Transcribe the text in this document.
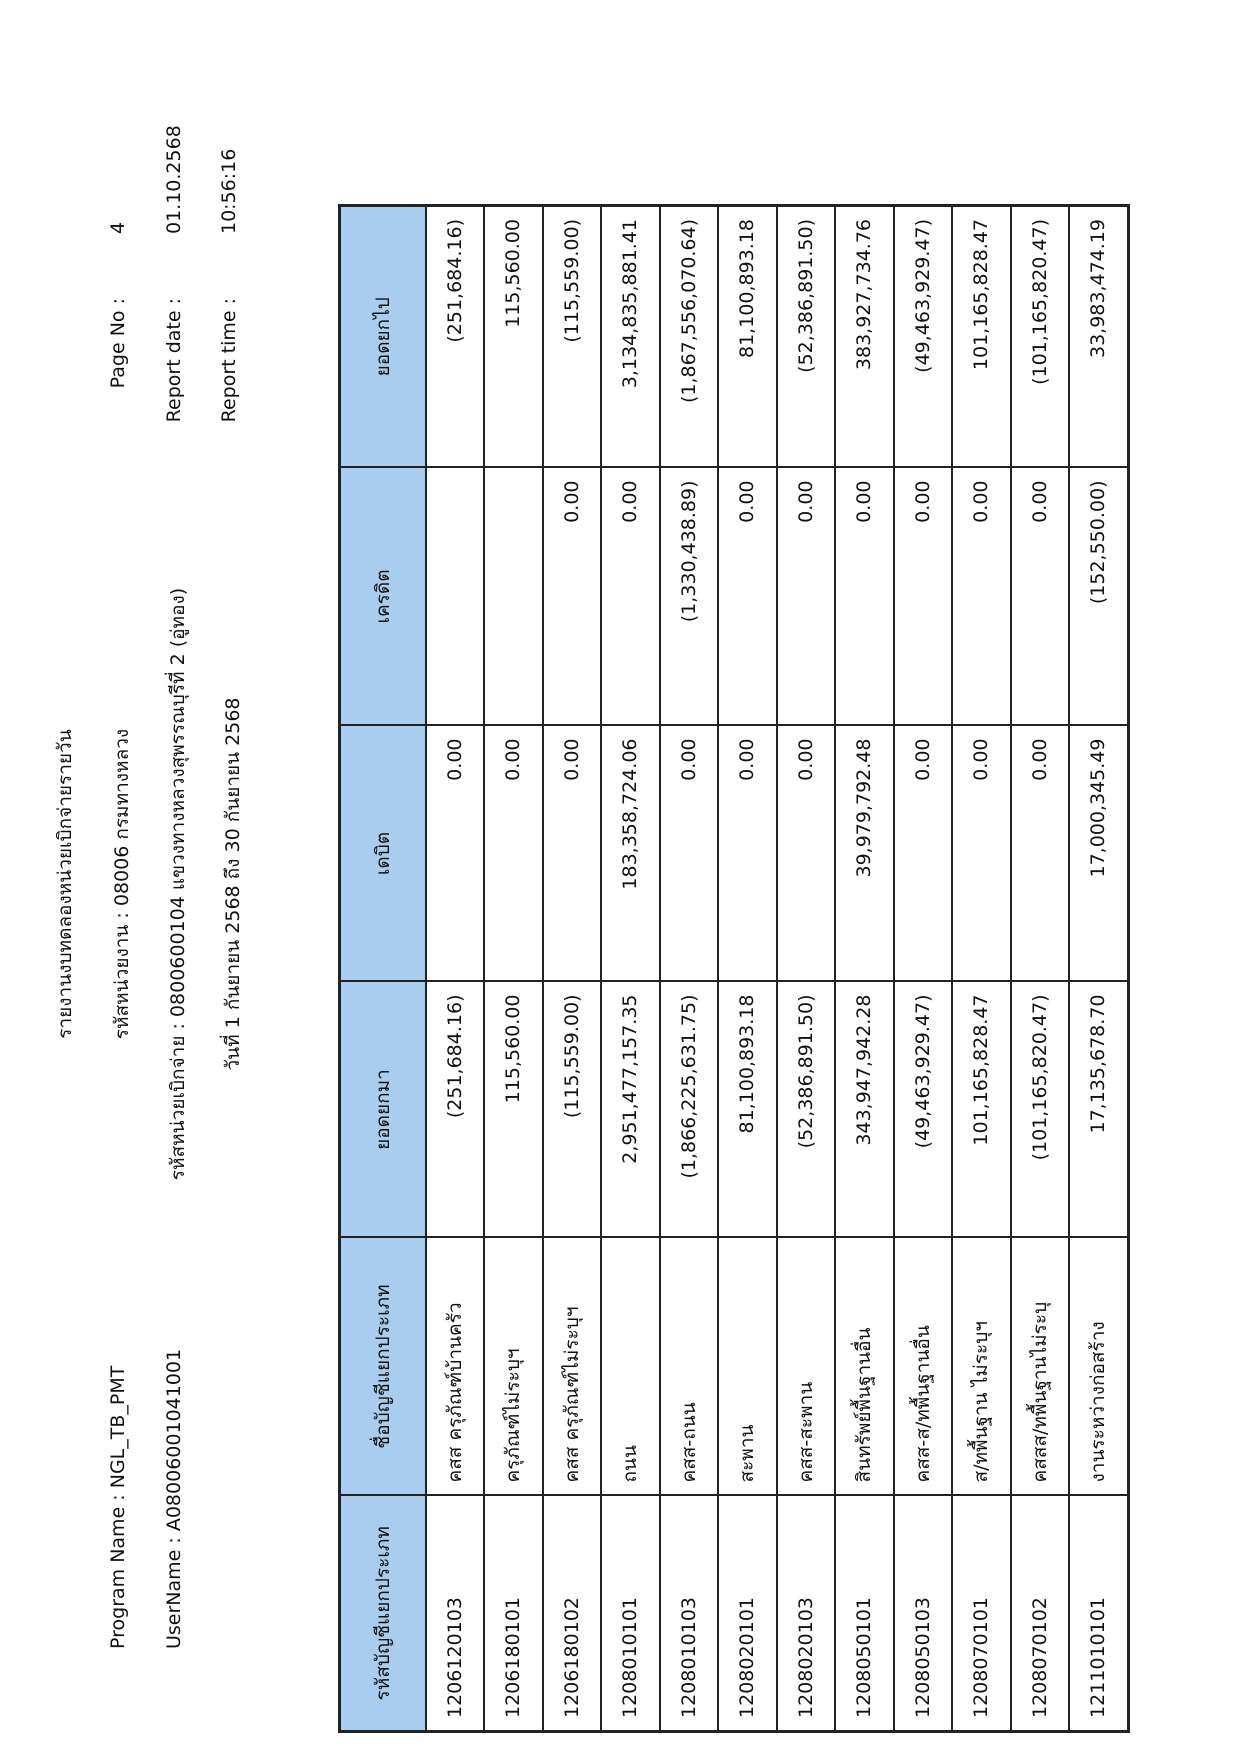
รายงานงบทดลองหน่วยเบิกจ่ายรายวัน รหัสหน่วยงาน : 08006 กรมทางหลวง รหัสหน่วยเบิกจ่าย : 0800600104 แขวงทางหลวงสุพรรณบุรีที่ 2 (อู่ทอง) วันที่ 1 กันยายน 2568 ถึง 30 กันยายน 2568
Program Name : NGL_TB_PMT UserName : A08006001041001
Page No :
4
Report date :
01.10.2568
Report time :
10:56:16
รหัสบัญชีแยกประเภท	ชื่อบัญชีแยกประเภท	ยอดยกมา	เดบิต	เครดิต	ยอดยกไป
1206120103	คสส ครุภัณฑ์บ้านครัว	(251,684.16)	0.00		(251,684.16)
1206180101	ครุภัณฑ์ไม่ระบุฯ	115,560.00	0.00		115,560.00
1206180102	คสส ครุภัณฑ์ไม่ระบุฯ	(115,559.00)	0.00	0.00	(115,559.00)
1208010101	ถนน	2,951,477,157.35	183,358,724.06	0.00	3,134,835,881.41
1208010103	คสส-ถนน	(1,866,225,631.75)	0.00	(1,330,438.89)	(1,867,556,070.64)
1208020101	สะพาน	81,100,893.18	0.00	0.00	81,100,893.18
1208020103	คสส-สะพาน	(52,386,891.50)	0.00	0.00	(52,386,891.50)
1208050101	สินทรัพย์พื้นฐานอื่น	343,947,942.28	39,979,792.48	0.00	383,927,734.76
1208050103	คสส-ส/ทพื้นฐานอื่น	(49,463,929.47)	0.00	0.00	(49,463,929.47)
1208070101	ส/ทพื้นฐาน ไม่ระบุฯ	101,165,828.47	0.00	0.00	101,165,828.47
1208070102	คสสส/ทพื้นฐานไม่ระบุ	(101,165,820.47)	0.00	0.00	(101,165,820.47)
1211010101	งานระหว่างก่อสร้าง	17,135,678.70	17,000,345.49	(152,550.00)	33,983,474.19
